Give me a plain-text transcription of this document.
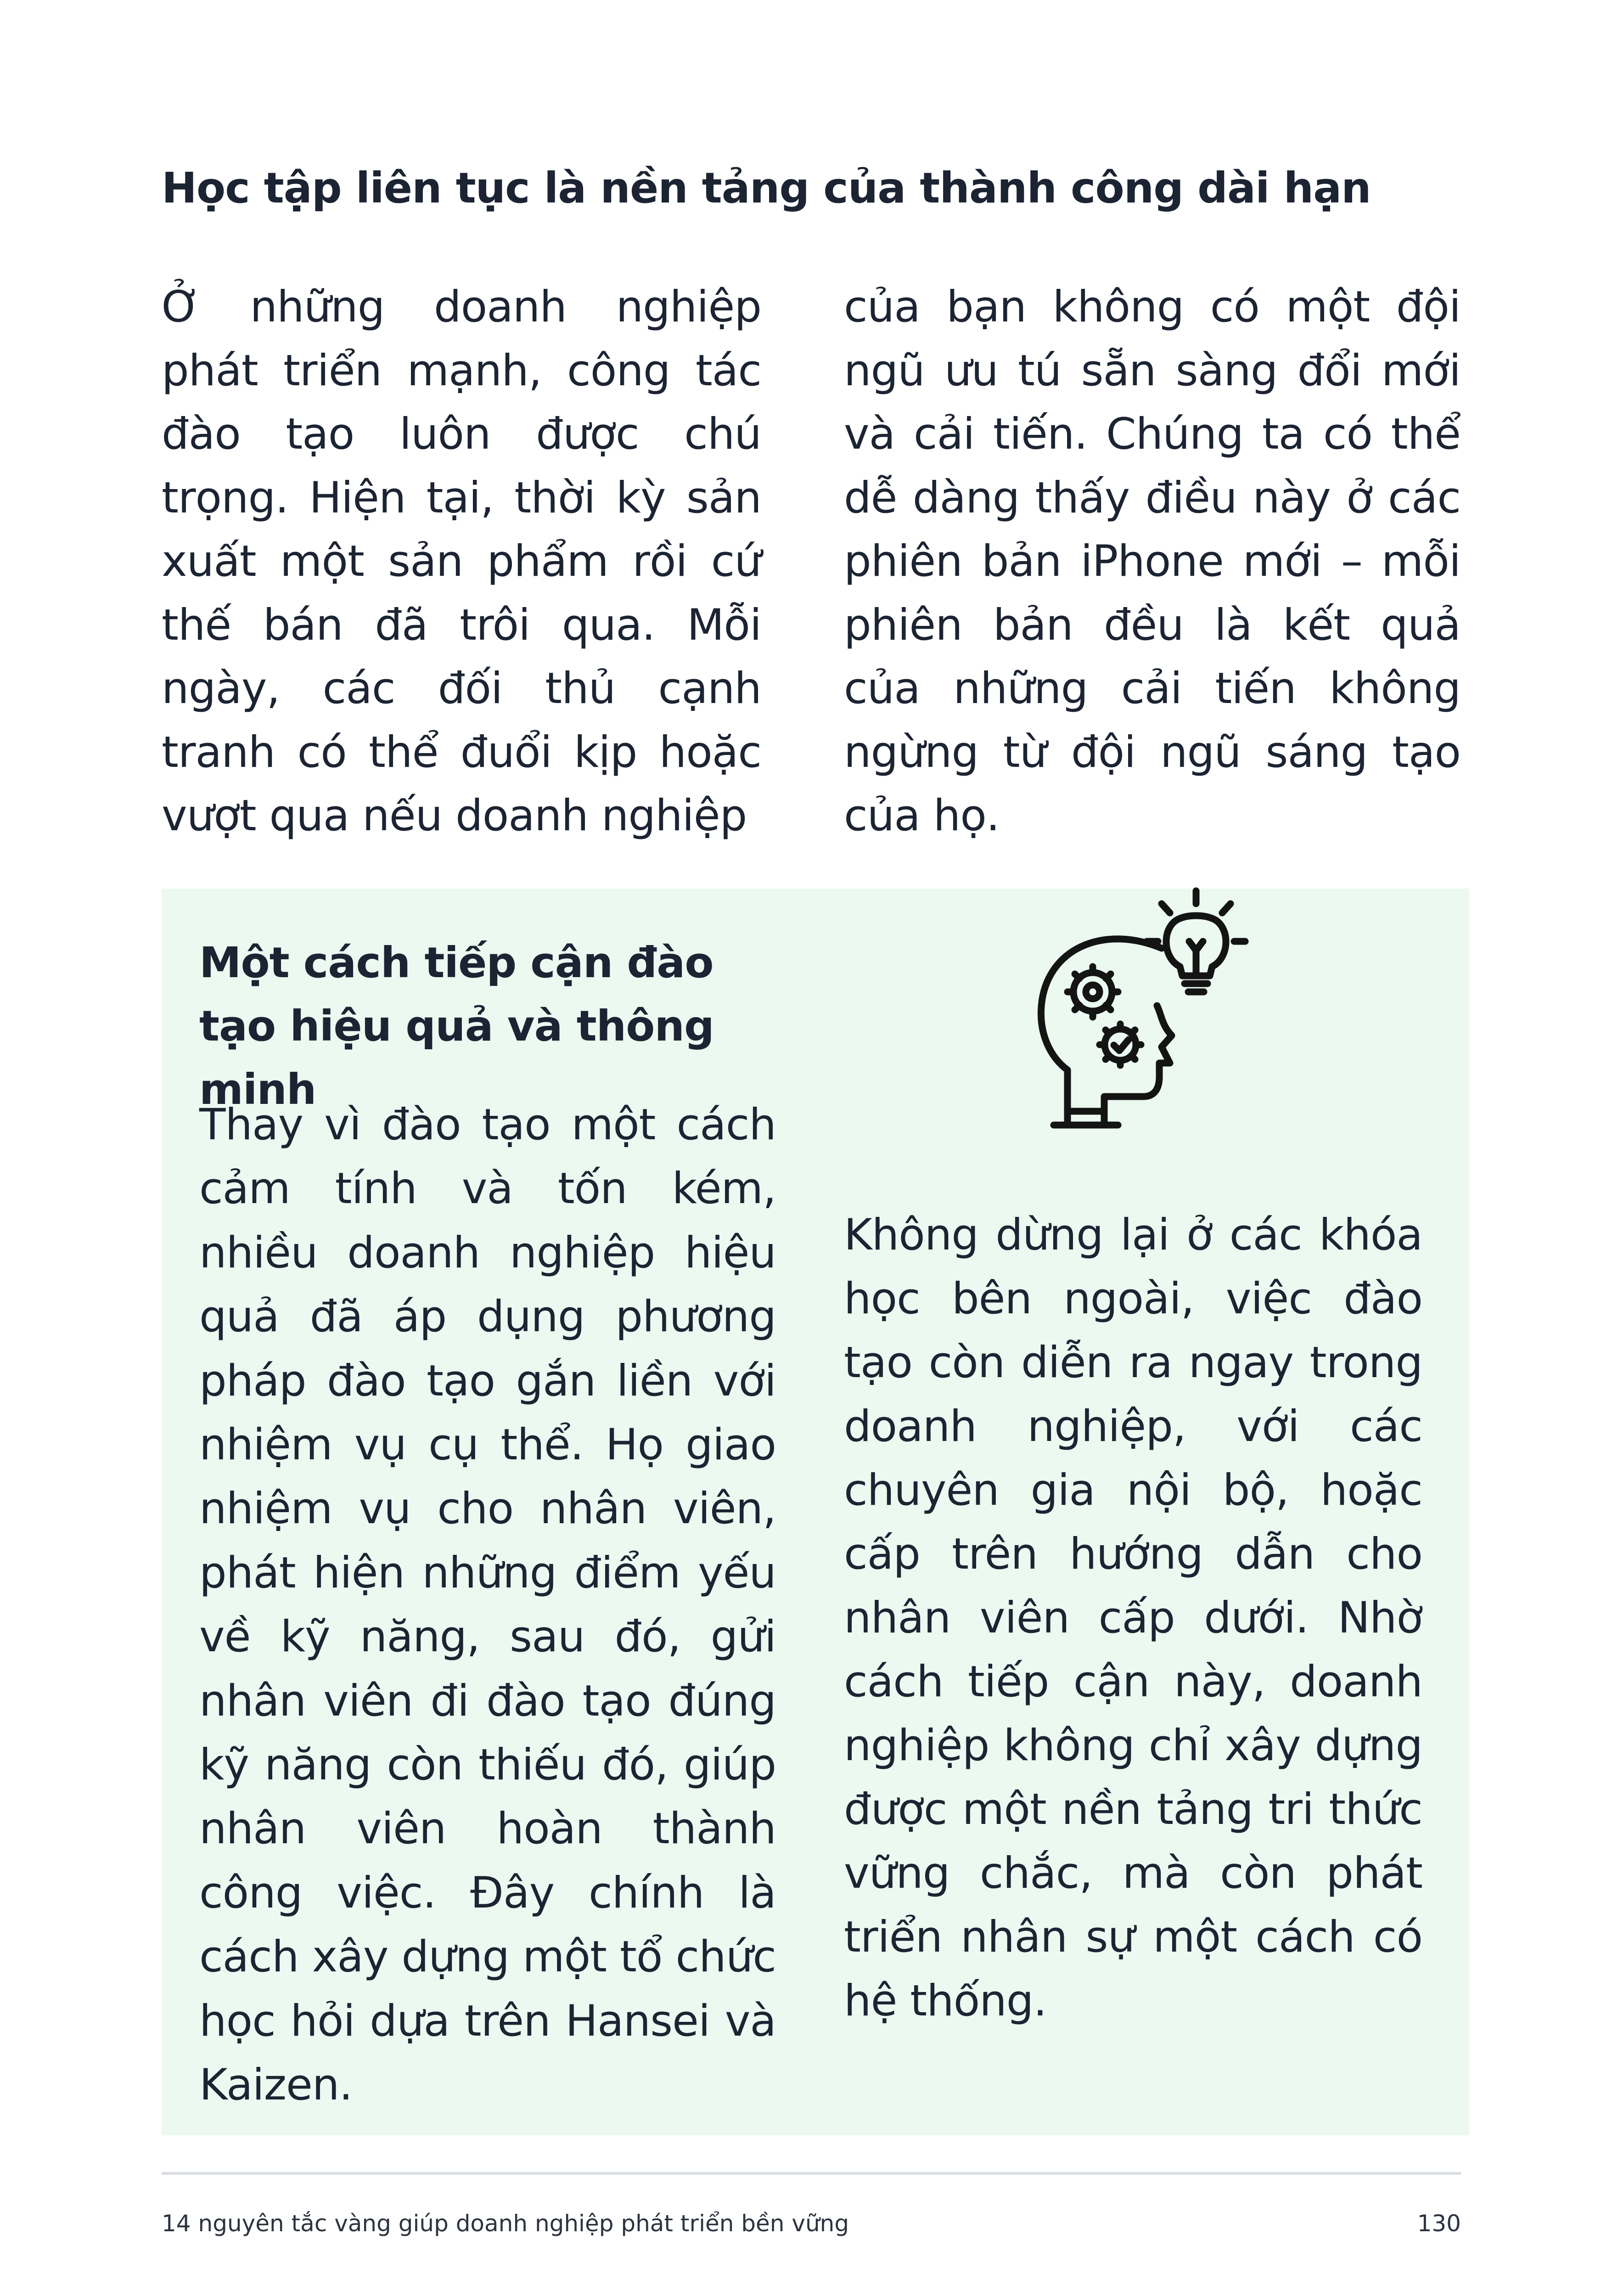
Học tập liên tục là nền tảng của thành công dài hạn
Ở những doanh nghiệp phát triển mạnh, công tác đào tạo luôn được chú trọng. Hiện tại, thời kỳ sản xuất một sản phẩm rồi cứ thế bán đã trôi qua. Mỗi ngày, các đối thủ cạnh tranh có thể đuổi kịp hoặc vượt qua nếu doanh nghiệp
của bạn không có một đội ngũ ưu tú sẵn sàng đổi mới và cải tiến. Chúng ta có thể dễ dàng thấy điều này ở các phiên bản iPhone mới – mỗi phiên bản đều là kết quả của những cải tiến không ngừng từ đội ngũ sáng tạo của họ.
Một cách tiếp cận đào tạo hiệu quả và thông minh
Thay vì đào tạo một cách cảm tính và tốn kém, nhiều doanh nghiệp hiệu quả đã áp dụng phương pháp đào tạo gắn liền với nhiệm vụ cụ thể. Họ giao nhiệm vụ cho nhân viên, phát hiện những điểm yếu về kỹ năng, sau đó, gửi nhân viên đi đào tạo đúng kỹ năng còn thiếu đó, giúp nhân viên hoàn thành công việc. Đây chính là cách xây dựng một tổ chức học hỏi dựa trên Hansei và Kaizen.
Không dừng lại ở các khóa học bên ngoài, việc đào tạo còn diễn ra ngay trong doanh nghiệp, với các chuyên gia nội bộ, hoặc cấp trên hướng dẫn cho nhân viên cấp dưới. Nhờ cách tiếp cận này, doanh nghiệp không chỉ xây dựng được một nền tảng tri thức vững chắc, mà còn phát triển nhân sự một cách có hệ thống.
14 nguyên tắc vàng giúp doanh nghiệp phát triển bền vững	130
